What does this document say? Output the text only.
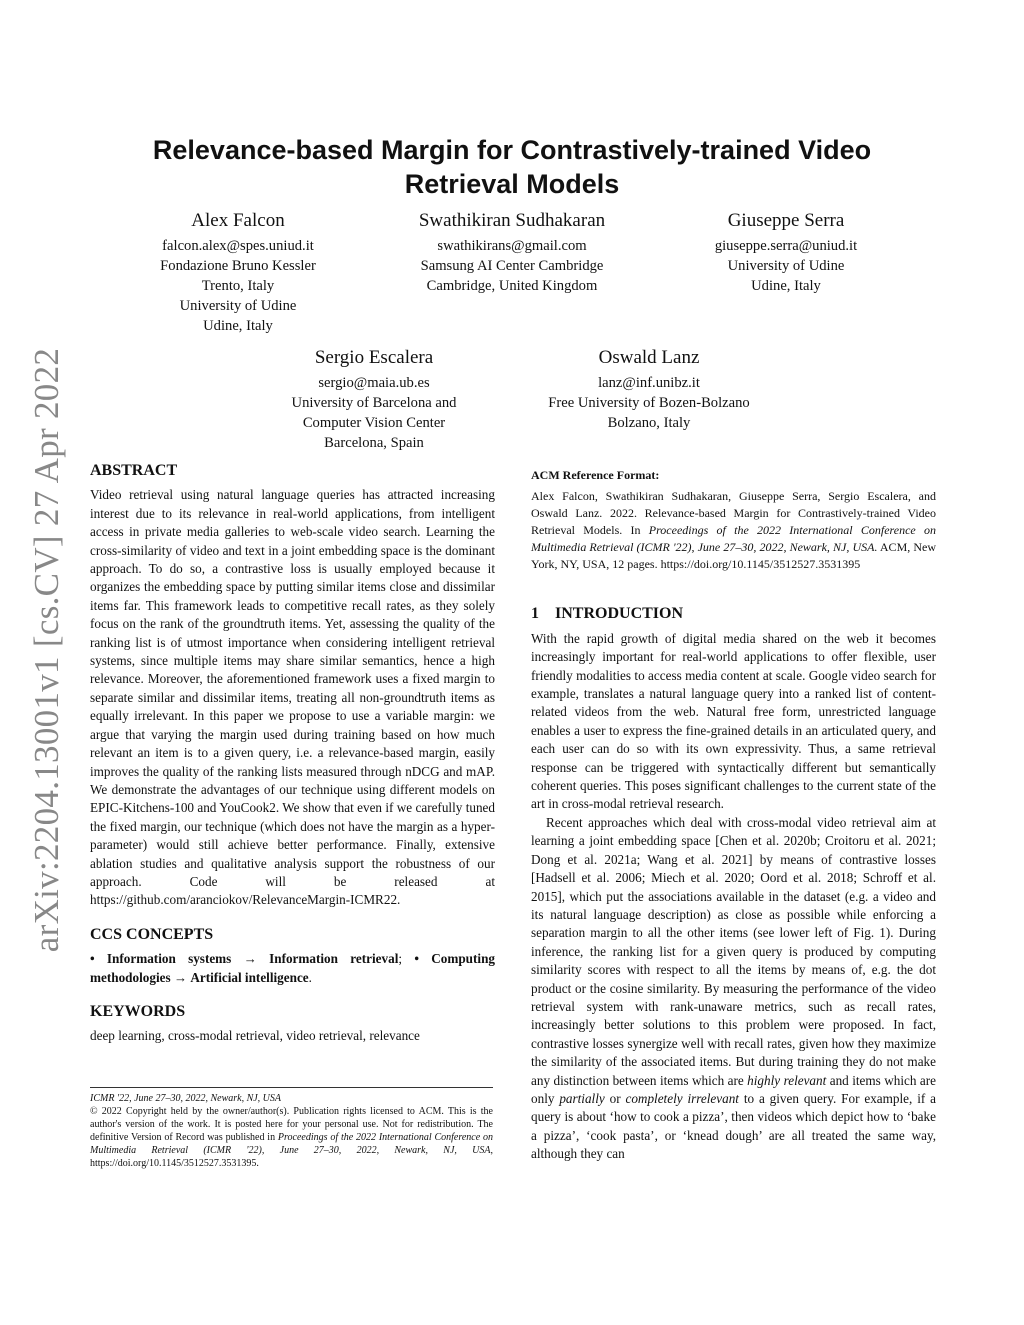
arXiv:2204.13001v1 [cs.CV] 27 Apr 2022
Relevance-based Margin for Contrastively-trained Video Retrieval Models
Alex Falcon
falcon.alex@spes.uniud.it
Fondazione Bruno Kessler
Trento, Italy
University of Udine
Udine, Italy
Swathikiran Sudhakaran
swathikirans@gmail.com
Samsung AI Center Cambridge
Cambridge, United Kingdom
Giuseppe Serra
giuseppe.serra@uniud.it
University of Udine
Udine, Italy
Sergio Escalera
sergio@maia.ub.es
University of Barcelona and
Computer Vision Center
Barcelona, Spain
Oswald Lanz
lanz@inf.unibz.it
Free University of Bozen-Bolzano
Bolzano, Italy
ABSTRACT

Video retrieval using natural language queries has attracted increasing interest due to its relevance in real-world applications, from intelligent access in private media galleries to web-scale video search. Learning the cross-similarity of video and text in a joint embedding space is the dominant approach. To do so, a contrastive loss is usually employed because it organizes the embedding space by putting similar items close and dissimilar items far. This framework leads to competitive recall rates, as they solely focus on the rank of the groundtruth items. Yet, assessing the quality of the ranking list is of utmost importance when considering intelligent retrieval systems, since multiple items may share similar semantics, hence a high relevance. Moreover, the aforementioned framework uses a fixed margin to separate similar and dissimilar items, treating all non-groundtruth items as equally irrelevant. In this paper we propose to use a variable margin: we argue that varying the margin used during training based on how much relevant an item is to a given query, i.e. a relevance-based margin, easily improves the quality of the ranking lists measured through nDCG and mAP. We demonstrate the advantages of our technique using different models on EPIC-Kitchens-100 and YouCook2. We show that even if we carefully tuned the fixed margin, our technique (which does not have the margin as a hyper-parameter) would still achieve better performance. Finally, extensive ablation studies and qualitative analysis support the robustness of our approach. Code will be released at https://github.com/aranciokov/RelevanceMargin-ICMR22.

CCS CONCEPTS

• Information systems → Information retrieval; • Computing methodologies → Artificial intelligence.

KEYWORDS

deep learning, cross-modal retrieval, video retrieval, relevance

ICMR '22, June 27–30, 2022, Newark, NJ, USA
© 2022 Copyright held by the owner/author(s). Publication rights licensed to ACM. This is the author's version of the work. It is posted here for your personal use. Not for redistribution. The definitive Version of Record was published in Proceedings of the 2022 International Conference on Multimedia Retrieval (ICMR '22), June 27–30, 2022, Newark, NJ, USA, https://doi.org/10.1145/3512527.3531395.
ACM Reference Format:
Alex Falcon, Swathikiran Sudhakaran, Giuseppe Serra, Sergio Escalera, and Oswald Lanz. 2022. Relevance-based Margin for Contrastively-trained Video Retrieval Models. In Proceedings of the 2022 International Conference on Multimedia Retrieval (ICMR '22), June 27–30, 2022, Newark, NJ, USA. ACM, New York, NY, USA, 12 pages. https://doi.org/10.1145/3512527.3531395
1    INTRODUCTION

With the rapid growth of digital media shared on the web it becomes increasingly important for real-world applications to offer flexible, user friendly modalities to access media content at scale. Google video search for example, translates a natural language query into a ranked list of content-related videos from the web. Natural free form, unrestricted language enables a user to express the fine-grained details in an articulated query, and each user can do so with its own expressivity. Thus, a same retrieval response can be triggered with syntactically different but semantically coherent queries. This poses significant challenges to the current state of the art in cross-modal retrieval research.

Recent approaches which deal with cross-modal video retrieval aim at learning a joint embedding space [Chen et al. 2020b; Croitoru et al. 2021; Dong et al. 2021a; Wang et al. 2021] by means of contrastive losses [Hadsell et al. 2006; Miech et al. 2020; Oord et al. 2018; Schroff et al. 2015], which put the associations available in the dataset (e.g. a video and its natural language description) as close as possible while enforcing a separation margin to all the other items (see lower left of Fig. 1). During inference, the ranking list for a given query is produced by computing similarity scores with respect to all the items by means of, e.g. the dot product or the cosine similarity. By measuring the performance of the video retrieval system with rank-unaware metrics, such as recall rates, increasingly better solutions to this problem were proposed. In fact, contrastive losses synergize well with recall rates, given how they maximize the similarity of the associated items. But during training they do not make any distinction between items which are highly relevant and items which are only partially or completely irrelevant to a given query. For example, if a query is about ‘how to cook a pizza’, then videos which depict how to ‘bake a pizza’, ‘cook pasta’, or ‘knead dough’ are all treated the same way, although they can
